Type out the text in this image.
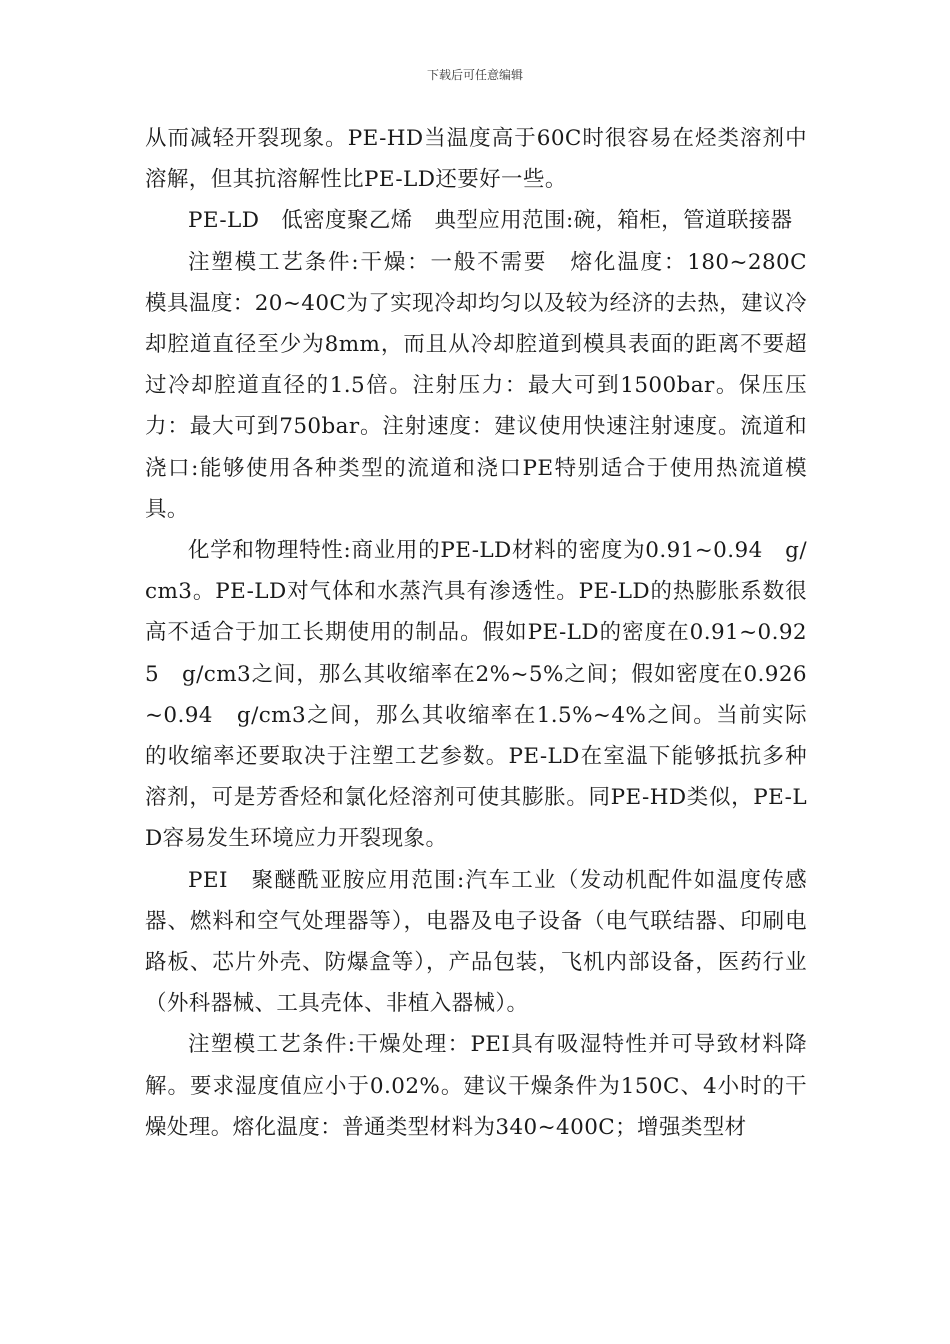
下载后可任意编辑

从而减轻开裂现象。PE-HD当温度高于60C时很容易在烃类溶剂中溶解，但其抗溶解性比PE-LD还要好一些。

PE-LD　低密度聚乙烯　典型应用范围:碗，箱柜，管道联接器

注塑模工艺条件:干燥：一般不需要　熔化温度：180~280C　模具温度：20~40C为了实现冷却均匀以及较为经济的去热，建议冷却腔道直径至少为8mm，而且从冷却腔道到模具表面的距离不要超过冷却腔道直径的1.5倍。注射压力：最大可到1500bar。保压压力：最大可到750bar。注射速度：建议使用快速注射速度。流道和浇口:能够使用各种类型的流道和浇口PE特别适合于使用热流道模具。

化学和物理特性:商业用的PE-LD材料的密度为0.91~0.94　g/cm3。PE-LD对气体和水蒸汽具有渗透性。PE-LD的热膨胀系数很高不适合于加工长期使用的制品。假如PE-LD的密度在0.91~0.925　g/cm3之间，那么其收缩率在2%~5%之间；假如密度在0.926~0.94　g/cm3之间，那么其收缩率在1.5%~4%之间。当前实际的收缩率还要取决于注塑工艺参数。PE-LD在室温下能够抵抗多种溶剂，可是芳香烃和氯化烃溶剂可使其膨胀。同PE-HD类似，PE-LD容易发生环境应力开裂现象。

PEI　聚醚酰亚胺应用范围:汽车工业（发动机配件如温度传感器、燃料和空气处理器等），电器及电子设备（电气联结器、印刷电路板、芯片外壳、防爆盒等），产品包装，飞机内部设备，医药行业（外科器械、工具壳体、非植入器械）。

注塑模工艺条件:干燥处理：PEI具有吸湿特性并可导致材料降解。要求湿度值应小于0.02%。建议干燥条件为150C、4小时的干燥处理。熔化温度：普通类型材料为340~400C；增强类型材
